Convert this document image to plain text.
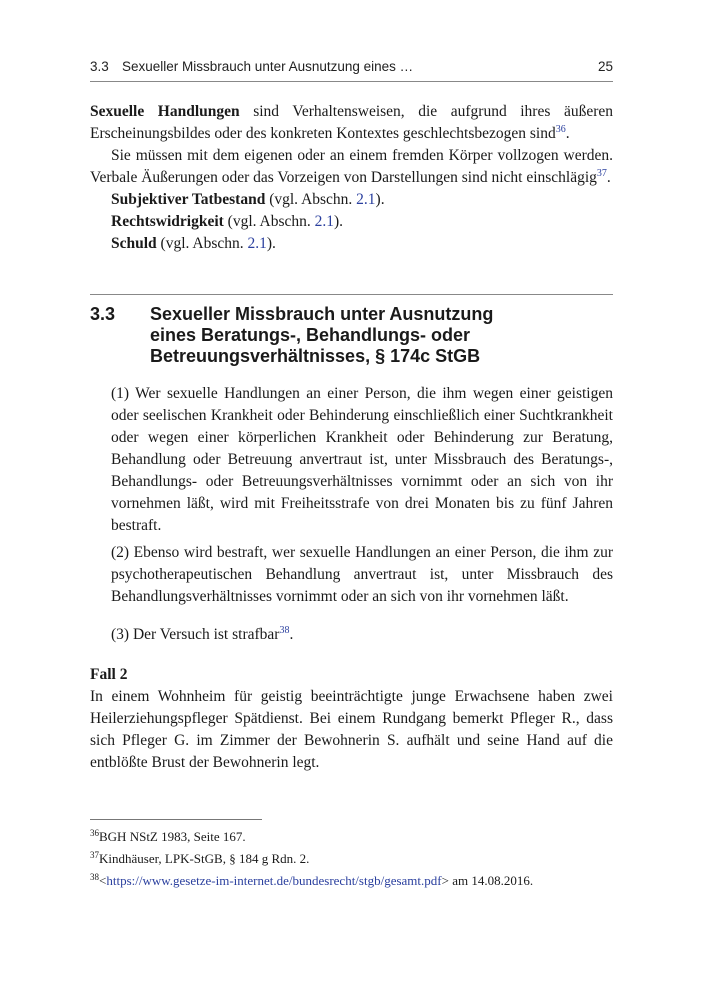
3.3 Sexueller Missbrauch unter Ausnutzung eines …	25

Sexuelle Handlungen sind Verhaltensweisen, die aufgrund ihres äußeren Erscheinungsbildes oder des konkreten Kontextes geschlechtsbezogen sind$^{36}$.

Sie müssen mit dem eigenen oder an einem fremden Körper vollzogen werden. Verbale Äußerungen oder das Vorzeigen von Darstellungen sind nicht einschlägig$^{37}$.

Subjektiver Tatbestand (vgl. Abschn. 2.1).

Rechtswidrigkeit (vgl. Abschn. 2.1).

Schuld (vgl. Abschn. 2.1).

3.3 Sexueller Missbrauch unter Ausnutzung
eines Beratungs-, Behandlungs- oder
Betreuungsverhältnisses, § 174c StGB

(1) Wer sexuelle Handlungen an einer Person, die ihm wegen einer geistigen oder seelischen Krankheit oder Behinderung einschließlich einer Suchtkrankheit oder wegen einer körperlichen Krankheit oder Behinderung zur Beratung, Behandlung oder Betreuung anvertraut ist, unter Missbrauch des Beratungs-, Behandlungs- oder Betreuungsverhältnisses vornimmt oder an sich von ihr vornehmen läßt, wird mit Freiheitsstrafe von drei Monaten bis zu fünf Jahren bestraft.

(2) Ebenso wird bestraft, wer sexuelle Handlungen an einer Person, die ihm zur psychotherapeutischen Behandlung anvertraut ist, unter Missbrauch des Behandlungsverhältnisses vornimmt oder an sich von ihr vornehmen läßt.

(3) Der Versuch ist strafbar$^{38}$.

Fall 2

In einem Wohnheim für geistig beeinträchtigte junge Erwachsene haben zwei Heilerziehungspfleger Spätdienst. Bei einem Rundgang bemerkt Pfleger R., dass sich Pfleger G. im Zimmer der Bewohnerin S. aufhält und seine Hand auf die entblößte Brust der Bewohnerin legt.

$^{36}$BGH NStZ 1983, Seite 167.

$^{37}$Kindhäuser, LPK-StGB, § 184 g Rdn. 2.

$^{38}$<https://www.gesetze-im-internet.de/bundesrecht/stgb/gesamt.pdf> am 14.08.2016.
